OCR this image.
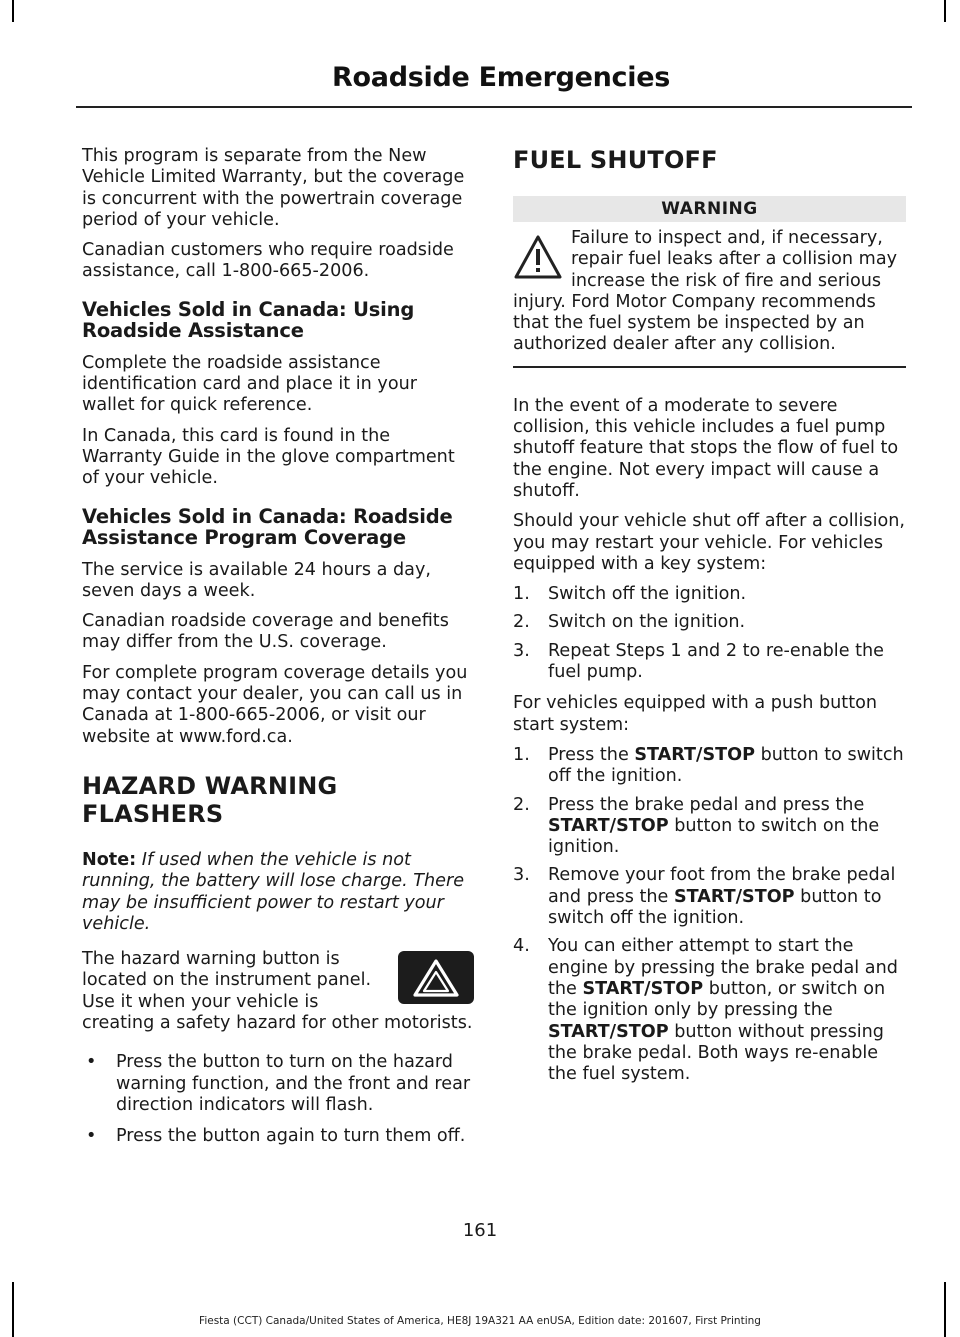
Roadside Emergencies

This program is separate from the New Vehicle Limited Warranty, but the coverage is concurrent with the powertrain coverage period of your vehicle.

Canadian customers who require roadside assistance, call 1-800-665-2006.

Vehicles Sold in Canada: Using Roadside Assistance

Complete the roadside assistance identification card and place it in your wallet for quick reference.

In Canada, this card is found in the Warranty Guide in the glove compartment of your vehicle.

Vehicles Sold in Canada: Roadside Assistance Program Coverage

The service is available 24 hours a day, seven days a week.

Canadian roadside coverage and benefits may differ from the U.S. coverage.

For complete program coverage details you may contact your dealer, you can call us in Canada at 1-800-665-2006, or visit our website at www.ford.ca.

HAZARD WARNING FLASHERS

Note: If used when the vehicle is not running, the battery will lose charge. There may be insufficient power to restart your vehicle.

The hazard warning button is located on the instrument panel. Use it when your vehicle is creating a safety hazard for other motorists.

• Press the button to turn on the hazard warning function, and the front and rear direction indicators will flash.
• Press the button again to turn them off.
FUEL SHUTOFF
WARNING

Failure to inspect and, if necessary, repair fuel leaks after a collision may increase the risk of fire and serious injury. Ford Motor Company recommends that the fuel system be inspected by an authorized dealer after any collision.

In the event of a moderate to severe collision, this vehicle includes a fuel pump shutoff feature that stops the flow of fuel to the engine. Not every impact will cause a shutoff.

Should your vehicle shut off after a collision, you may restart your vehicle. For vehicles equipped with a key system:

1. Switch off the ignition.
2. Switch on the ignition.
3. Repeat Steps 1 and 2 to re-enable the fuel pump.

For vehicles equipped with a push button start system:

1. Press the START/STOP button to switch off the ignition.
2. Press the brake pedal and press the START/STOP button to switch on the ignition.
3. Remove your foot from the brake pedal and press the START/STOP button to switch off the ignition.
4. You can either attempt to start the engine by pressing the brake pedal and the START/STOP button, or switch on the ignition only by pressing the START/STOP button without pressing the brake pedal. Both ways re-enable the fuel system.
161
Fiesta (CCT) Canada/United States of America, HE8J 19A321 AA enUSA, Edition date: 201607, First Printing
